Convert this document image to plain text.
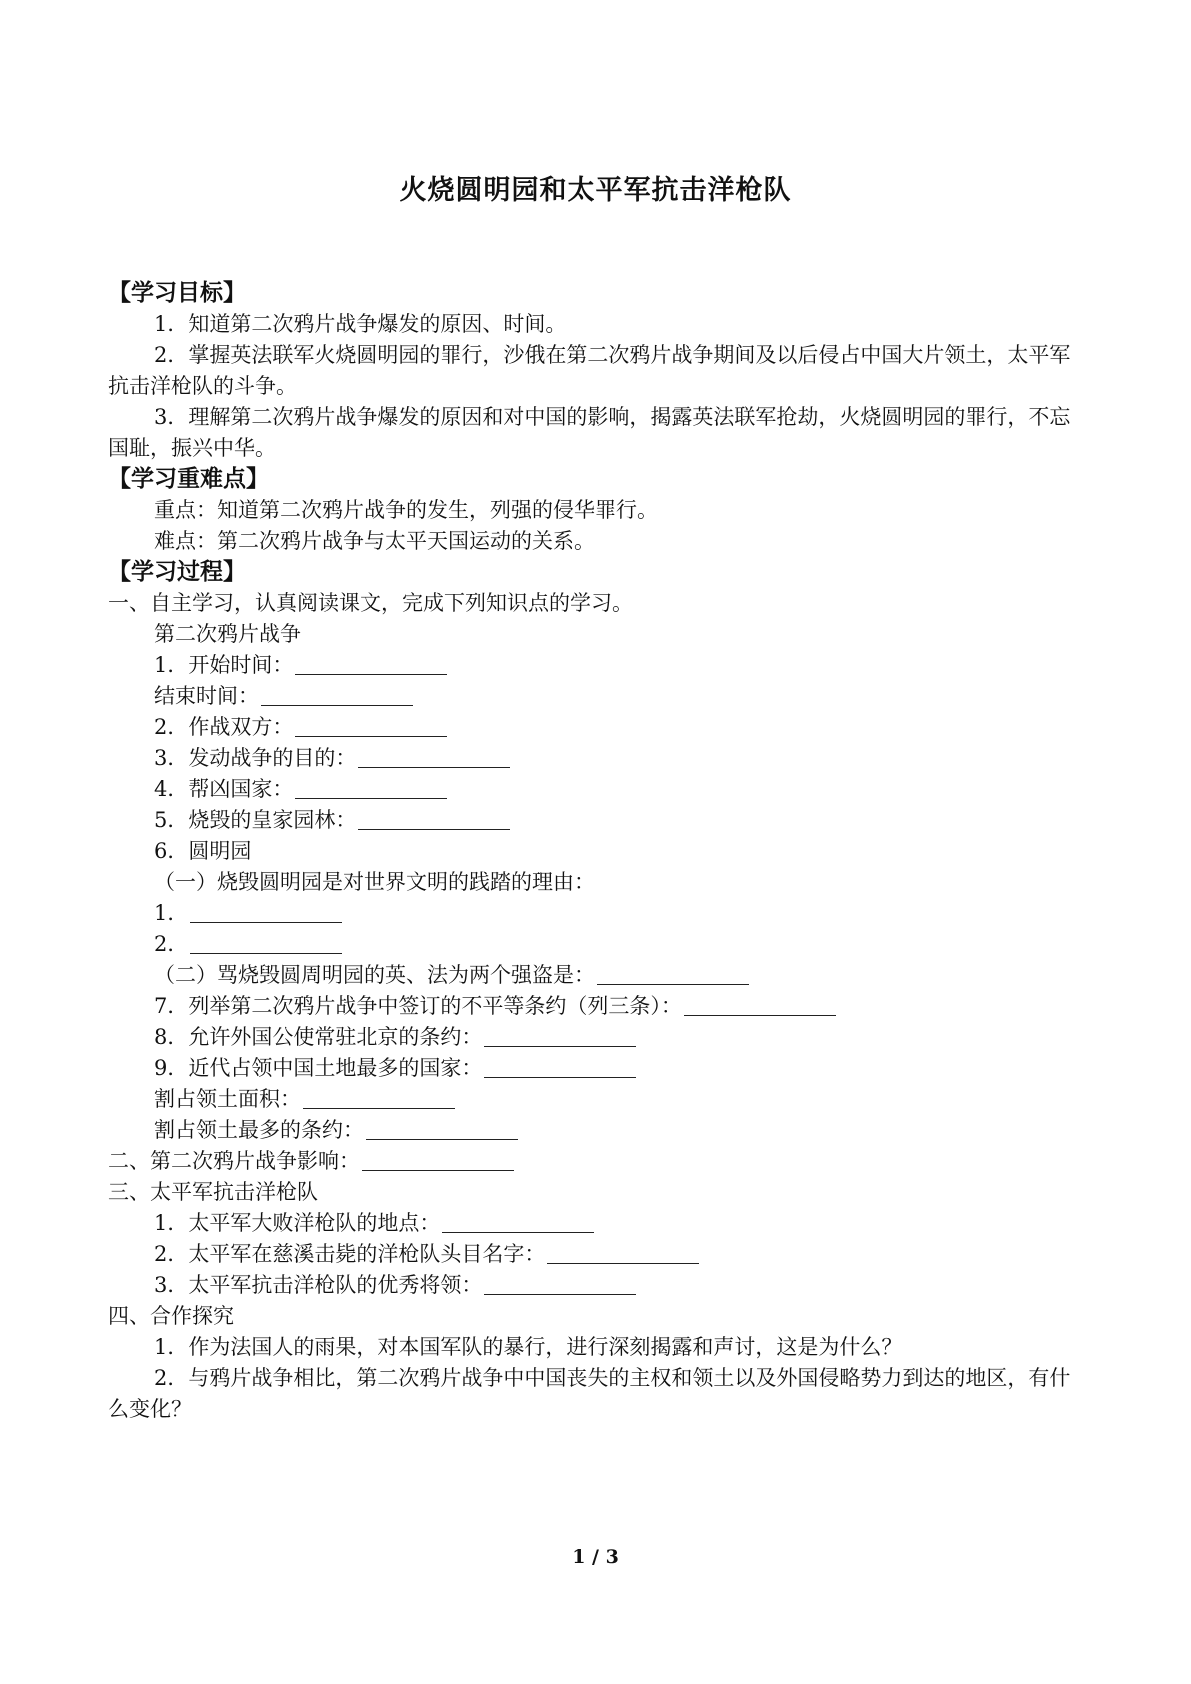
火烧圆明园和太平军抗击洋枪队
【学习目标】
1．知道第二次鸦片战争爆发的原因、时间。
2．掌握英法联军火烧圆明园的罪行，沙俄在第二次鸦片战争期间及以后侵占中国大片领土，太平军抗击洋枪队的斗争。
3．理解第二次鸦片战争爆发的原因和对中国的影响，揭露英法联军抢劫，火烧圆明园的罪行，不忘国耻，振兴中华。
【学习重难点】
重点：知道第二次鸦片战争的发生，列强的侵华罪行。
难点：第二次鸦片战争与太平天国运动的关系。
【学习过程】
一、自主学习，认真阅读课文，完成下列知识点的学习。
第二次鸦片战争
1．开始时间：
结束时间：
2．作战双方：
3．发动战争的目的：
4．帮凶国家：
5．烧毁的皇家园林：
6．圆明园
（一）烧毁圆明园是对世界文明的践踏的理由：
1．
2．
（二）骂烧毁圆周明园的英、法为两个强盗是：
7．列举第二次鸦片战争中签订的不平等条约（列三条）：
8．允许外国公使常驻北京的条约：
9．近代占领中国土地最多的国家：
割占领土面积：
割占领土最多的条约：
二、第二次鸦片战争影响：
三、太平军抗击洋枪队
1．太平军大败洋枪队的地点：
2．太平军在慈溪击毙的洋枪队头目名字：
3．太平军抗击洋枪队的优秀将领：
四、合作探究
1．作为法国人的雨果，对本国军队的暴行，进行深刻揭露和声讨，这是为什么？
2．与鸦片战争相比，第二次鸦片战争中中国丧失的主权和领土以及外国侵略势力到达的地区，有什么变化？
1 / 3
